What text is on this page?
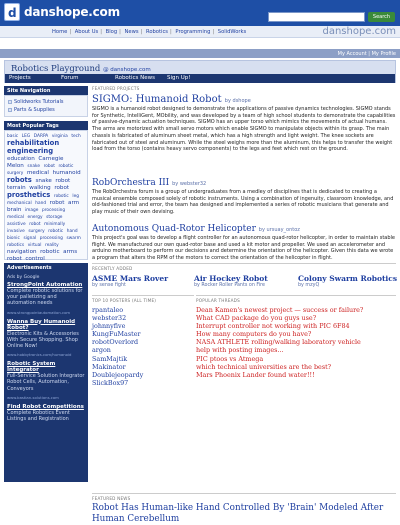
d danshope.com	Search
Home | About Us | Blog | News | Robotics | Programming | SolidWorks	danshope.com
My Account | My Profile
Robotics Playground @ danshope.com
Projects	Forum	Robotics News Sign Up!
Site Navigation
Solidworks Tutorials
Parts & Supplies
Most Popular Tags
basic LEG DARPA virginia tech rehabilitation engineering education Carnegie Melon snake robot robotic surgery medical humanoid robots snake robot terrain walking robot prosthetics robotic leg mechanical hand robot arm brain image processing medical energy storage assistive robot minimally invasive surgery robotic hand bionic signal processing swarm robotics virtual reality navigation robotic arms robot control
Advertisements
Ads by Google
StrongPoint Automation
Complete robotic solutions for your palletizing and automation needs
www.strongpointautomation.com
Wanna Buy Humanoid Robot?
Electronic Kits & Accessories With Secure Shopping. Shop Online Now!
www.hobbytronics.com/humanoid
Robotic System Integrator
Full-Service Solution Integrator Robot Cells, Automation, Conveyors
www.bastian-solutions.com
Find Robot Competitions
Complete Robotics Event Listings and Registration
FEATURED PROJECTS
SIGMO: Humanoid Robot by dshope
SIGMO is a humanoid robot designed to demonstrate the applications of passive dynamics technologies. SIGMO stands for Synthetic, IntelliGent, MObility, and was developed by a team of high school students to demonstrate the capabilities of passive-dynamic actuation techniques. SIGMO has an upper torso which mimics the movements of actual humans. The arms are motorized with small servo motors which enable SIGMO to manipulate objects within its grasp. The main chassis is fabricated of aluminum sheet metal, which has a high strength and light weight. The knee sockets are fabricated out of steel and aluminum. While the steel weighs more than the aluminum, this helps to transfer the weight load from the torso (contains heavy servo components) to the legs and feet which rest on the ground.
RobOrchestra III by webster32
The RobOrchestra forum is a group of undergraduates from a medley of disciplines that is dedicated to creating a musical ensemble composed solely of robotic instruments. Using a combination of ingenuity, classroom knowledge, and old-fashioned trial and error, the team has designed and implemented a series of robotic musicians that generate and play music of their own devising.
Autonomous Quad-Rotor Helicopter by ursuay_ontoz
This project's goal was to develop a flight controller for an autonomous quad-rotor helicopter, in order to maintain stable flight. We manufactured our own quad-rotor base and used a kit motor and propeller. We used an accelerometer and arduino motherboard to perform our decisions and determine the orientation of the helicopter. Given this data we wrote a program that alters the RPM of the motors to correct the orientation of the helicopter in flight.
RECENTLY ADDED
ASME Mars Rover
by sense fight
Air Hockey Robot
by Rocker Roller Pants on Fire
Colony Swarm Robotics
by mzyQ
TOP 10 POSTERS (ALL TIME)
rpantaleo
webster32
johnnyfive
KungFuMaster
robotOverlord
argon
SamMajtik
Makinator
Doublejeopardy
SlickBox97
POPULAR THREADS
Dean Kamen's newest project — success or failure?
What CAD package do you guys use?
Interrupt controller not working with PIC 6F84
How many computers do you have?
NASA ATHLETE rolling/walking laboratory vehicle
help with posting images...
PIC ptoos vs Atmega
which technical universities are the best?
Mars Phoenix Lander found water!!!
FEATURED NEWS
Robot Has Human-like Hand Controlled By 'Brain' Modeled After Human Cerebellum
